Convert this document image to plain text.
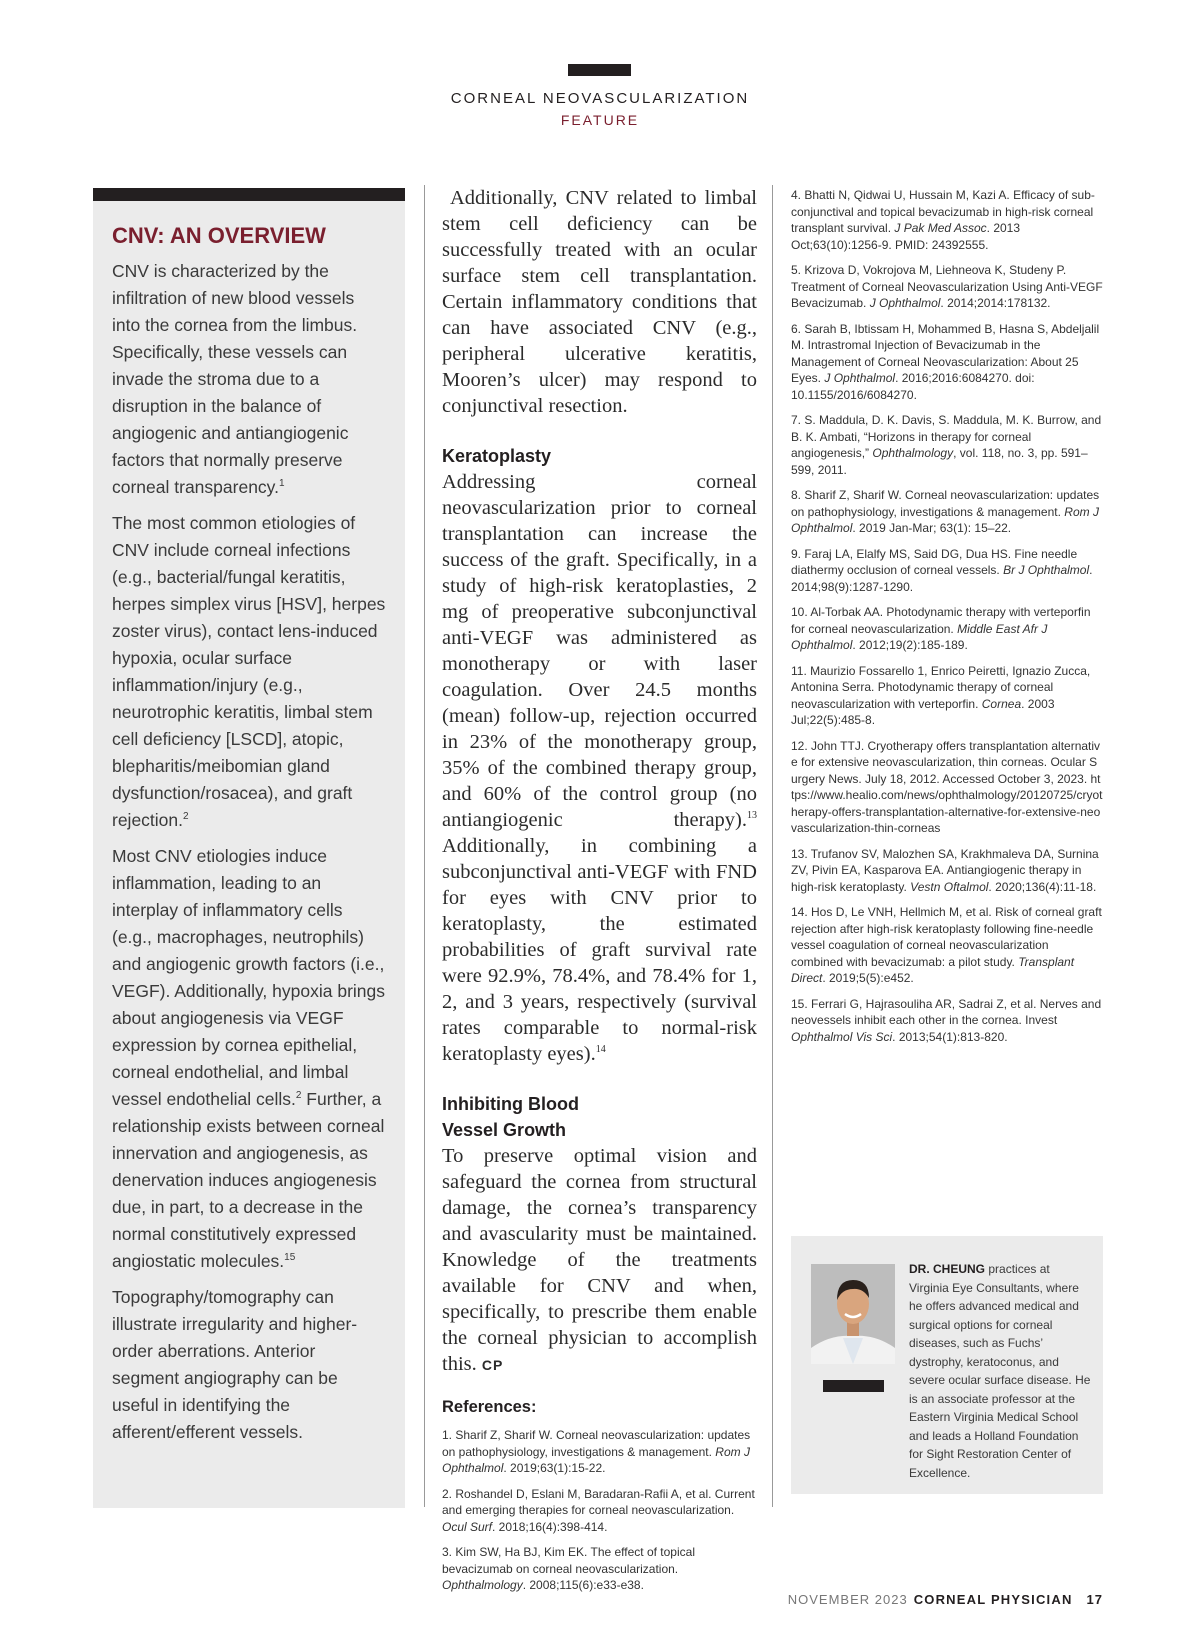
CORNEAL NEOVASCULARIZATION
FEATURE
CNV: AN OVERVIEW

CNV is characterized by the infiltration of new blood vessels into the cornea from the limbus. Specifically, these vessels can invade the stroma due to a disruption in the balance of angiogenic and antiangiogenic factors that normally preserve corneal transparency.$^1$

The most common etiologies of CNV include corneal infections (e.g., bacterial/fungal keratitis, herpes simplex virus [HSV], herpes zoster virus), contact lens-induced hypoxia, ocular surface inflammation/injury (e.g., neurotrophic keratitis, limbal stem cell deficiency [LSCD], atopic, blepharitis/meibomian gland dysfunction/rosacea), and graft rejection.$^2$

Most CNV etiologies induce inflammation, leading to an interplay of inflammatory cells (e.g., macrophages, neutrophils) and angiogenic growth factors (i.e., VEGF). Additionally, hypoxia brings about angiogenesis via VEGF expression by cornea epithelial, corneal endothelial, and limbal vessel endothelial cells.$^2$ Further, a relationship exists between corneal innervation and angiogenesis, as denervation induces angiogenesis due, in part, to a decrease in the normal constitutively expressed angiostatic molecules.$^{15}$

Topography/tomography can illustrate irregularity and higher-order aberrations. Anterior segment angiography can be useful in identifying the afferent/efferent vessels.

Additionally, CNV related to limbal stem cell deficiency can be successfully treated with an ocular surface stem cell transplantation. Certain inflammatory conditions that can have associated CNV (e.g., peripheral ulcerative keratitis, Mooren’s ulcer) may respond to conjunctival resection.

Keratoplasty

Addressing corneal neovascularization prior to corneal transplantation can increase the success of the graft. Specifically, in a study of high-risk keratoplasties, 2 mg of preoperative subconjunctival anti-VEGF was administered as monotherapy or with laser coagulation. Over 24.5 months (mean) follow-up, rejection occurred in 23% of the monotherapy group, 35% of the combined therapy group, and 60% of the control group (no antiangiogenic therapy).$^{13}$ Additionally, in combining a subconjunctival anti-VEGF with FND for eyes with CNV prior to keratoplasty, the estimated probabilities of graft survival rate were 92.9%, 78.4%, and 78.4% for 1, 2, and 3 years, respectively (survival rates comparable to normal-risk keratoplasty eyes).$^{14}$

Inhibiting Blood
Vessel Growth

To preserve optimal vision and safeguard the cornea from structural damage, the cornea’s transparency and avascularity must be maintained. Knowledge of the treatments available for CNV and when, specifically, to prescribe them enable the corneal physician to accomplish this. CP

References:

1. Sharif Z, Sharif W. Corneal neovascularization: updates on pathophysiology, investigations & management. Rom J Ophthalmol. 2019;63(1):15-22.

2. Roshandel D, Eslani M, Baradaran-Rafii A, et al. Current and emerging therapies for corneal neovascularization. Ocul Surf. 2018;16(4):398-414.

3. Kim SW, Ha BJ, Kim EK. The effect of topical bevacizumab on corneal neovascularization. Ophthalmology. 2008;115(6):e33-e38.

4. Bhatti N, Qidwai U, Hussain M, Kazi A. Efficacy of sub-conjunctival and topical bevacizumab in high-risk corneal transplant survival. J Pak Med Assoc. 2013 Oct;63(10):1256-9. PMID: 24392555.

5. Krizova D, Vokrojova M, Liehneova K, Studeny P. Treatment of Corneal Neovascularization Using Anti-VEGF Bevacizumab. J Ophthalmol. 2014;2014:178132.

6. Sarah B, Ibtissam H, Mohammed B, Hasna S, Abdeljalil M. Intrastromal Injection of Bevacizumab in the Management of Corneal Neovascularization: About 25 Eyes. J Ophthalmol. 2016;2016:6084270. doi: 10.1155/2016/6084270.

7. S. Maddula, D. K. Davis, S. Maddula, M. K. Burrow, and B. K. Ambati, “Horizons in therapy for corneal angiogenesis,” Ophthalmology, vol. 118, no. 3, pp. 591–599, 2011.

8. Sharif Z, Sharif W. Corneal neovascularization: updates on pathophysiology, investigations & management. Rom J Ophthalmol. 2019 Jan-Mar; 63(1): 15–22.

9. Faraj LA, Elalfy MS, Said DG, Dua HS. Fine needle diathermy occlusion of corneal vessels. Br J Ophthalmol. 2014;98(9):1287-1290.

10. Al-Torbak AA. Photodynamic therapy with verteporfin for corneal neovascularization. Middle East Afr J Ophthalmol. 2012;19(2):185-189.

11. Maurizio Fossarello 1, Enrico Peiretti, Ignazio Zucca, Antonina Serra. Photodynamic therapy of corneal neovascularization with verteporfin. Cornea. 2003 Jul;22(5):485-8.

12. John TTJ. Cryotherapy offers transplantation alternative for extensive neovascularization, thin corneas. Ocular Surgery News. July 18, 2012. Accessed October 3, 2023. https://www.healio.com/news/ophthalmology/20120725/cryotherapy-offers-transplantation-alternative-for-extensive-neovascularization-thin-corneas

13. Trufanov SV, Malozhen SA, Krakhmaleva DA, Surnina ZV, Pivin EA, Kasparova EA. Antiangiogenic therapy in high-risk keratoplasty. Vestn Oftalmol. 2020;136(4):11-18.

14. Hos D, Le VNH, Hellmich M, et al. Risk of corneal graft rejection after high-risk keratoplasty following fine-needle vessel coagulation of corneal neovascularization combined with bevacizumab: a pilot study. Transplant Direct. 2019;5(5):e452.

15. Ferrari G, Hajrasouliha AR, Sadrai Z, et al. Nerves and neovessels inhibit each other in the cornea. Invest Ophthalmol Vis Sci. 2013;54(1):813-820.

DR. CHEUNG practices at Virginia Eye Consultants, where he offers advanced medical and surgical options for corneal diseases, such as Fuchs’ dystrophy, keratoconus, and severe ocular surface disease. He is an associate professor at the Eastern Virginia Medical School and leads a Holland Foundation for Sight Restoration Center of Excellence.
NOVEMBER 2023 CORNEAL PHYSICIAN 17
